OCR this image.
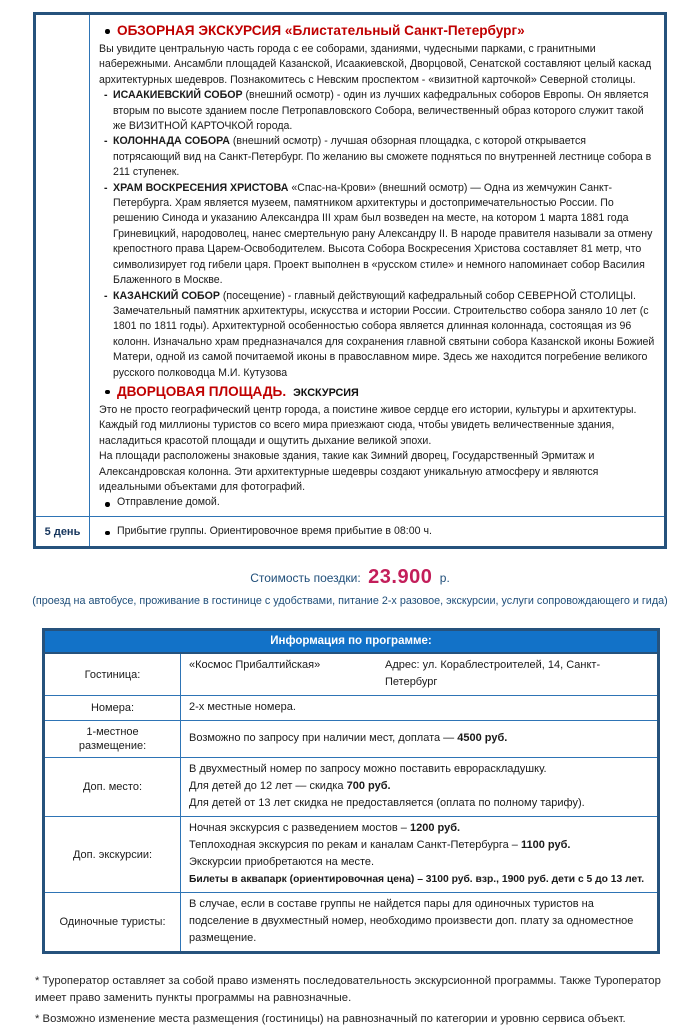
ОБЗОРНАЯ ЭКСКУРСИЯ «Блистательный Санкт-Петербург»
Вы увидите центральную часть города с ее соборами, зданиями, чудесными парками, с гранитными набережными. Ансамбли площадей Казанской, Исаакиевской, Дворцовой, Сенатской составляют целый каскад архитектурных шедевров. Познакомитесь с Невским проспектом - «визитной карточкой» Северной столицы.
- ИСААКИЕВСКИЙ СОБОР (внешний осмотр) - один из лучших кафедральных соборов Европы. Он является вторым по высоте зданием после Петропавловского Собора, величественный образ которого служит такой же ВИЗИТНОЙ КАРТОЧКОЙ города.
- КОЛОННАДА СОБОРА (внешний осмотр) - лучшая обзорная площадка, с которой открывается потрясающий вид на Санкт-Петербург. По желанию вы сможете подняться по внутренней лестнице собора в 211 ступенек.
- ХРАМ ВОСКРЕСЕНИЯ ХРИСТОВА «Спас-на-Крови» (внешний осмотр) — Одна из жемчужин Санкт-Петербурга. Храм является музеем, памятником архитектуры и достопримечательностью России. По решению Синода и указанию Александра III храм был возведен на месте, на котором 1 марта 1881 года Гриневицкий, народоволец, нанес смертельную рану Александру II. В народе правителя называли за отмену крепостного права Царем-Освободителем. Высота Собора Воскресения Христова составляет 81 метр, что символизирует год гибели царя. Проект выполнен в «русском стиле» и немного напоминает собор Василия Блаженного в Москве.
- КАЗАНСКИЙ СОБОР (посещение) - главный действующий кафедральный собор СЕВЕРНОЙ СТОЛИЦЫ. Замечательный памятник архитектуры, искусства и истории России. Строительство собора заняло 10 лет (с 1801 по 1811 годы). Архитектурной особенностью собора является длинная колоннада, состоящая из 96 колонн. Изначально храм предназначался для сохранения главной святыни собора Казанской иконы Божией Матери, одной из самой почитаемой иконы в православном мире. Здесь же находится погребение великого русского полководца М.И. Кутузова
ДВОРЦОВАЯ ПЛОЩАДЬ. ЭКСКУРСИЯ
Это не просто географический центр города, а поистине живое сердце его истории, культуры и архитектуры. Каждый год миллионы туристов со всего мира приезжают сюда, чтобы увидеть величественные здания, насладиться красотой площади и ощутить дыхание великой эпохи.
На площади расположены знаковые здания, такие как Зимний дворец, Государственный Эрмитаж и Александровская колонна. Эти архитектурные шедевры создают уникальную атмосферу и являются идеальными объектами для фотографий.
Отправление домой.
5 день	Прибытие группы. Ориентировочное время прибытие в 08:00 ч.
Стоимость поездки: 23.900 р.
(проезд на автобусе, проживание в гостинице с удобствами, питание 2-х разовое, экскурсии, услуги сопровождающего и гида)
Информация по программе:
Гостиница:
«Космос Прибалтийская»	Адрес: ул. Кораблестроителей, 14, Санкт-Петербург
Номера:	2-х местные номера.
1-местное размещение:
Возможно по запросу при наличии мест, доплата — 4500 руб.
Доп. место:
В двухместный номер по запросу можно поставить еврораскладушку.
Для детей до 12 лет — скидка 700 руб.
Для детей от 13 лет скидка не предоставляется (оплата по полному тарифу).
Доп. экскурсии:
Ночная экскурсия с разведением мостов – 1200 руб.
Теплоходная экскурсия по рекам и каналам Санкт-Петербурга – 1100 руб.
Экскурсии приобретаются на месте.
Билеты в аквапарк (ориентировочная цена) – 3100 руб. взр., 1900 руб. дети с 5 до 13 лет.
Одиночные туристы:
В случае, если в составе группы не найдется пары для одиночных туристов на подселение в двухместный номер, необходимо произвести доп. плату за одноместное размещение.
* Туроператор оставляет за собой право изменять последовательность экскурсионной программы. Также Туроператор имеет право заменить пункты программы на равнозначные.
* Возможно изменение места размещения (гостиницы) на равнозначный по категории и уровню сервиса объект.
